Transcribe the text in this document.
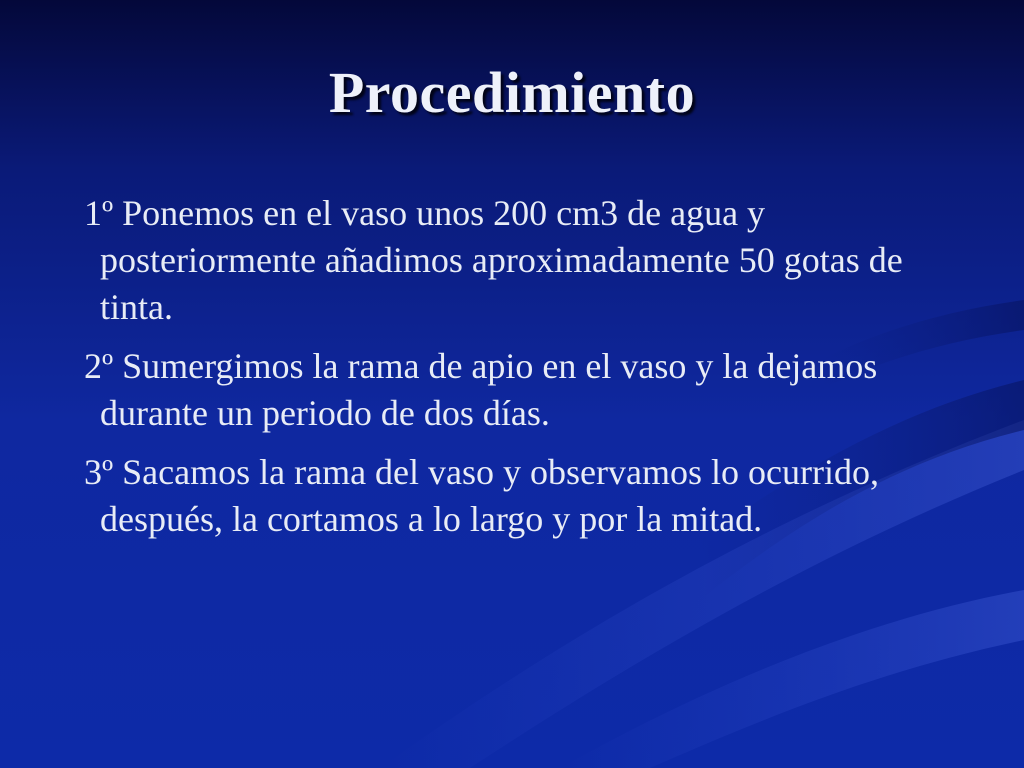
Procedimiento
1º Ponemos en el vaso unos 200 cm3 de agua y posteriormente añadimos aproximadamente 50 gotas de tinta.
2º Sumergimos la rama de apio en el vaso y la dejamos durante un periodo de dos días.
3º Sacamos la rama del vaso y observamos lo ocurrido, después, la cortamos a lo largo y por la mitad.
